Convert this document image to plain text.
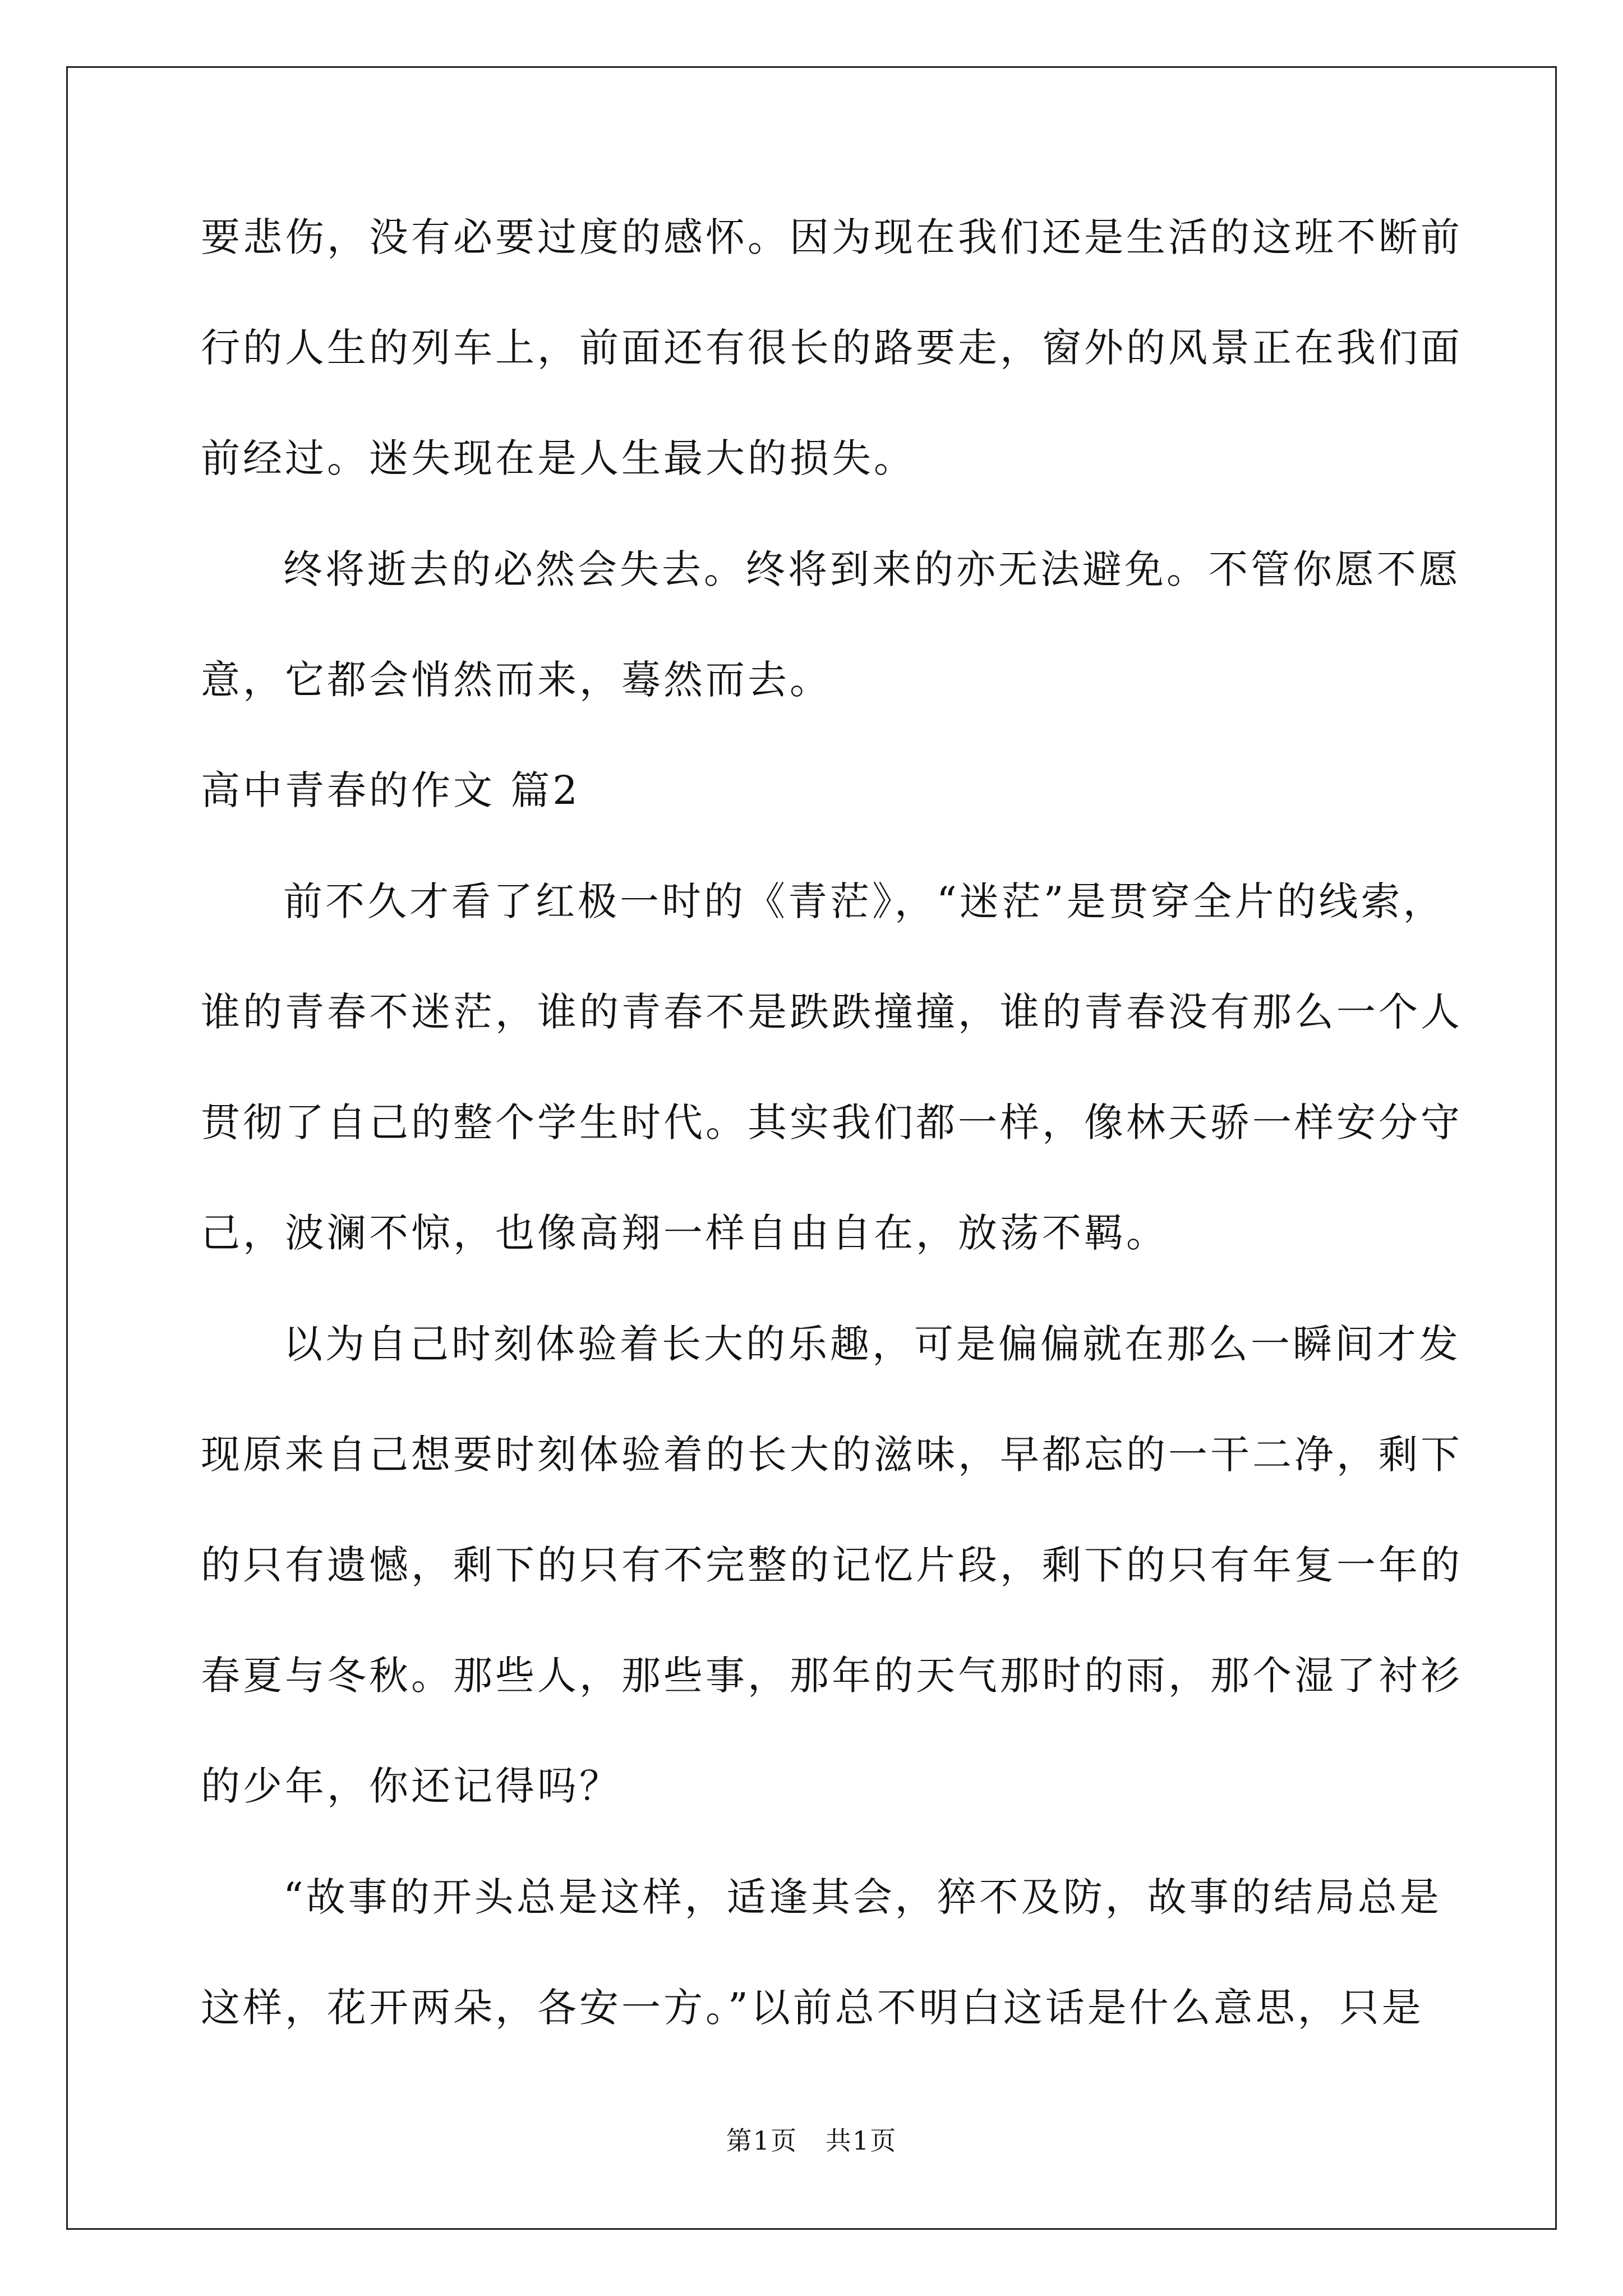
要悲伤，没有必要过度的感怀。因为现在我们还是生活的这班不断前

行的人生的列车上，前面还有很长的路要走，窗外的风景正在我们面

前经过。迷失现在是人生最大的损失。

终将逝去的必然会失去。终将到来的亦无法避免。不管你愿不愿

意，它都会悄然而来，蓦然而去。

高中青春的作文 篇2

前不久才看了红极一时的《青茫》，“迷茫”是贯穿全片的线索，

谁的青春不迷茫，谁的青春不是跌跌撞撞，谁的青春没有那么一个人

贯彻了自己的整个学生时代。其实我们都一样，像林天骄一样安分守

己，波澜不惊，也像高翔一样自由自在，放荡不羁。

以为自己时刻体验着长大的乐趣，可是偏偏就在那么一瞬间才发

现原来自己想要时刻体验着的长大的滋味，早都忘的一干二净，剩下

的只有遗憾，剩下的只有不完整的记忆片段，剩下的只有年复一年的

春夏与冬秋。那些人，那些事，那年的天气那时的雨，那个湿了衬衫

的少年，你还记得吗？

“故事的开头总是这样，适逢其会，猝不及防，故事的结局总是

这样，花开两朵，各安一方。”以前总不明白这话是什么意思，只是

第1页   共1页
